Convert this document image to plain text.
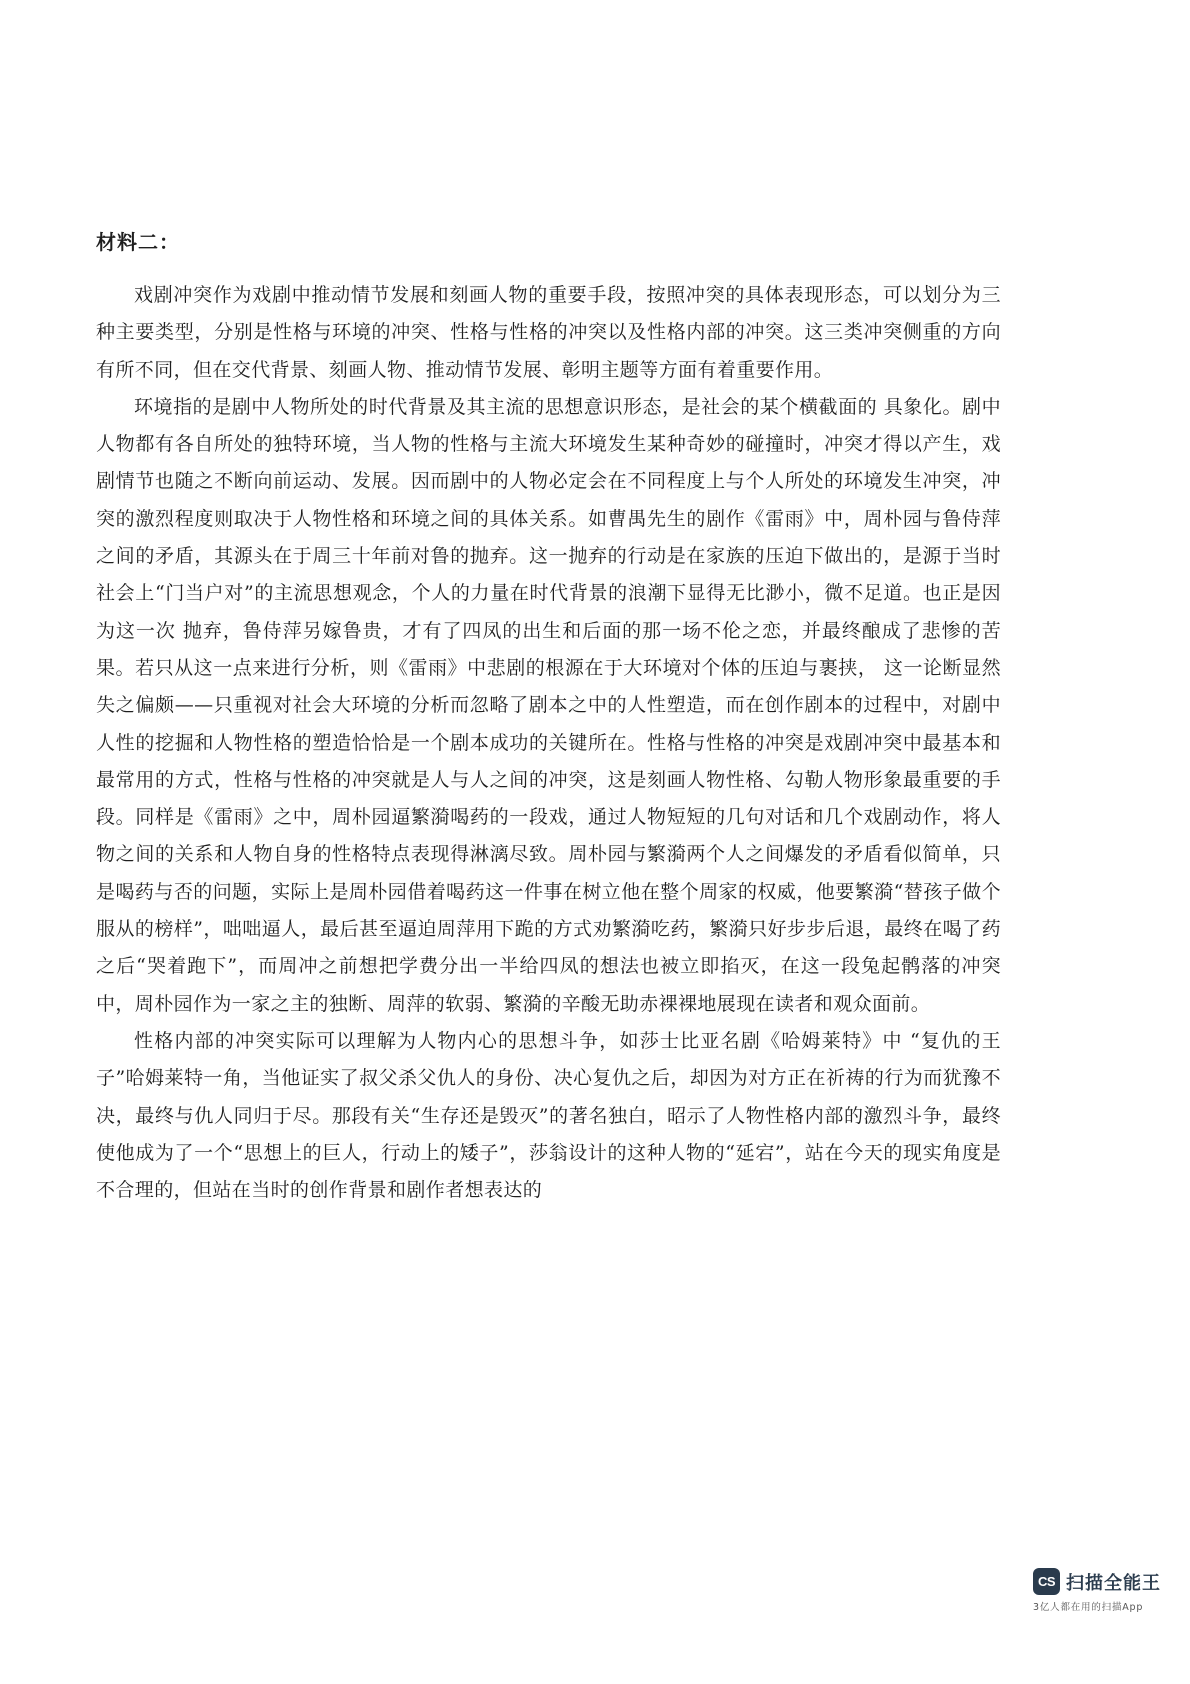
材料二：

戏剧冲突作为戏剧中推动情节发展和刻画人物的重要手段，按照冲突的具体表现形态，可以划分为三种主要类型，分别是性格与环境的冲突、性格与性格的冲突以及性格内部的冲突。这三类冲突侧重的方向有所不同，但在交代背景、刻画人物、推动情节发展、彰明主题等方面有着重要作用。

环境指的是剧中人物所处的时代背景及其主流的思想意识形态，是社会的某个横截面的 具象化。剧中人物都有各自所处的独特环境，当人物的性格与主流大环境发生某种奇妙的碰撞时，冲突才得以产生，戏剧情节也随之不断向前运动、发展。因而剧中的人物必定会在不同程度上与个人所处的环境发生冲突，冲突的激烈程度则取决于人物性格和环境之间的具体关系。如曹禺先生的剧作《雷雨》中，周朴园与鲁侍萍之间的矛盾，其源头在于周三十年前对鲁的抛弃。这一抛弃的行动是在家族的压迫下做出的，是源于当时社会上“门当户对”的主流思想观念，个人的力量在时代背景的浪潮下显得无比渺小，微不足道。也正是因为这一次 抛弃，鲁侍萍另嫁鲁贵，才有了四凤的出生和后面的那一场不伦之恋，并最终酿成了悲惨的苦果。若只从这一点来进行分析，则《雷雨》中悲剧的根源在于大环境对个体的压迫与裹挟， 这一论断显然失之偏颇——只重视对社会大环境的分析而忽略了剧本之中的人性塑造，而在创作剧本的过程中，对剧中人性的挖掘和人物性格的塑造恰恰是一个剧本成功的关键所在。性格与性格的冲突是戏剧冲突中最基本和最常用的方式，性格与性格的冲突就是人与人之间的冲突，这是刻画人物性格、勾勒人物形象最重要的手段。同样是《雷雨》之中，周朴园逼繁漪喝药的一段戏，通过人物短短的几句对话和几个戏剧动作，将人物之间的关系和人物自身的性格特点表现得淋漓尽致。周朴园与繁漪两个人之间爆发的矛盾看似简单，只是喝药与否的问题，实际上是周朴园借着喝药这一件事在树立他在整个周家的权威，他要繁漪“替孩子做个服从的榜样”，咄咄逼人，最后甚至逼迫周萍用下跪的方式劝繁漪吃药，繁漪只好步步后退，最终在喝了药之后“哭着跑下”，而周冲之前想把学费分出一半给四凤的想法也被立即掐灭，在这一段兔起鹘落的冲突中，周朴园作为一家之主的独断、周萍的软弱、繁漪的辛酸无助赤裸裸地展现在读者和观众面前。

性格内部的冲突实际可以理解为人物内心的思想斗争，如莎士比亚名剧《哈姆莱特》中 “复仇的王子”哈姆莱特一角，当他证实了叔父杀父仇人的身份、决心复仇之后，却因为对方正在祈祷的行为而犹豫不决，最终与仇人同归于尽。那段有关“生存还是毁灭”的著名独白，昭示了人物性格内部的激烈斗争，最终使他成为了一个“思想上的巨人，行动上的矮子”，莎翁设计的这种人物的“延宕”，站在今天的现实角度是不合理的，但站在当时的创作背景和剧作者想表达的

CS 扫描全能王
3亿人都在用的扫描App
